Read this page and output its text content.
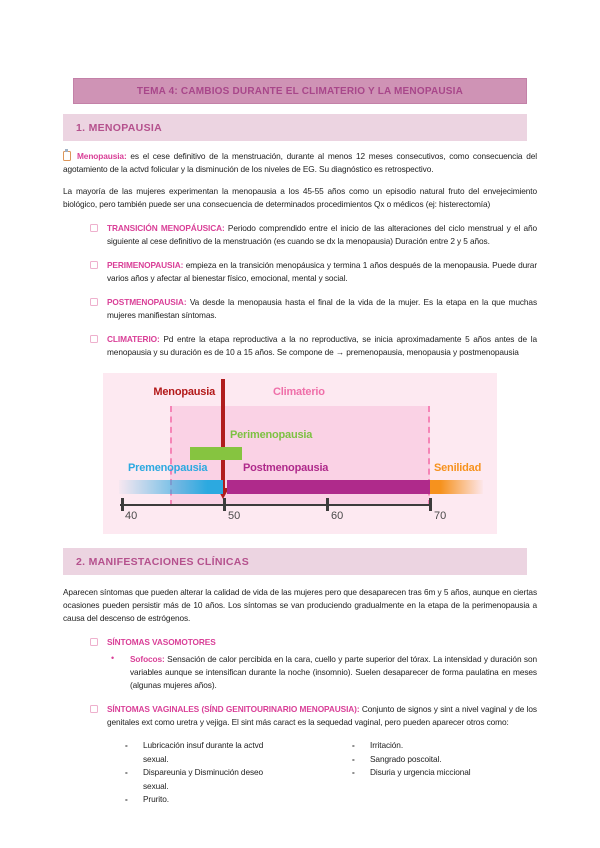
TEMA 4: CAMBIOS DURANTE EL CLIMATERIO Y LA MENOPAUSIA
1. MENOPAUSIA

Menopausia: es el cese definitivo de la menstruación, durante al menos 12 meses consecutivos, como consecuencia del agotamiento de la actvd folicular y la disminución de los niveles de EG. Su diagnóstico es retrospectivo.

La mayoría de las mujeres experimentan la menopausia a los 45-55 años como un episodio natural fruto del envejecimiento biológico, pero también puede ser una consecuencia de determinados procedimientos Qx o médicos (ej: histerectomía)

TRANSICIÓN MENOPÁUSICA: Periodo comprendido entre el inicio de las alteraciones del ciclo menstrual y el año siguiente al cese definitivo de la menstruación (es cuando se dx la menopausia) Duración entre 2 y 5 años.

PERIMENOPAUSIA: empieza en la transición menopáusica y termina 1 años después de la menopausia. Puede durar varios años y afectar al bienestar físico, emocional, mental y social.

POSTMENOPAUSIA: Va desde la menopausia hasta el final de la vida de la mujer. Es la etapa en la que muchas mujeres manifiestan síntomas.

CLIMATERIO: Pd entre la etapa reproductiva a la no reproductiva, se inicia aproximadamente 5 años antes de la menopausia y su duración es de 10 a 15 años. Se compone de → premenopausia, menopausia y postmenopausia

Menopausia	Climaterio
Perimenopausia
Premenopausia	Postmenopausia	Senilidad
40	50	60	70
2. MANIFESTACIONES CLÍNICAS

Aparecen síntomas que pueden alterar la calidad de vida de las mujeres pero que desaparecen tras 6m y 5 años, aunque en ciertas ocasiones pueden persistir más de 10 años. Los síntomas se van produciendo gradualmente en la etapa de la perimenopausia a causa del descenso de estrógenos.

SÍNTOMAS VASOMOTORES

• Sofocos: Sensación de calor percibida en la cara, cuello y parte superior del tórax. La intensidad y duración son variables aunque se intensifican durante la noche (insomnio). Suelen desaparecer de forma paulatina en meses (algunas mujeres años).

SÍNTOMAS VAGINALES (SÍND GENITOURINARIO MENOPAUSIA): Conjunto de signos y sint a nivel vaginal y de los genitales ext como uretra y vejiga. El sint más caract es la sequedad vaginal, pero pueden aparecer otros como:

- Lubricación insuf durante la actvd sexual.
- Dispareunia y Disminución deseo sexual.
- Prurito.
- Irritación.
- Sangrado poscoital.
- Disuria y urgencia miccional
